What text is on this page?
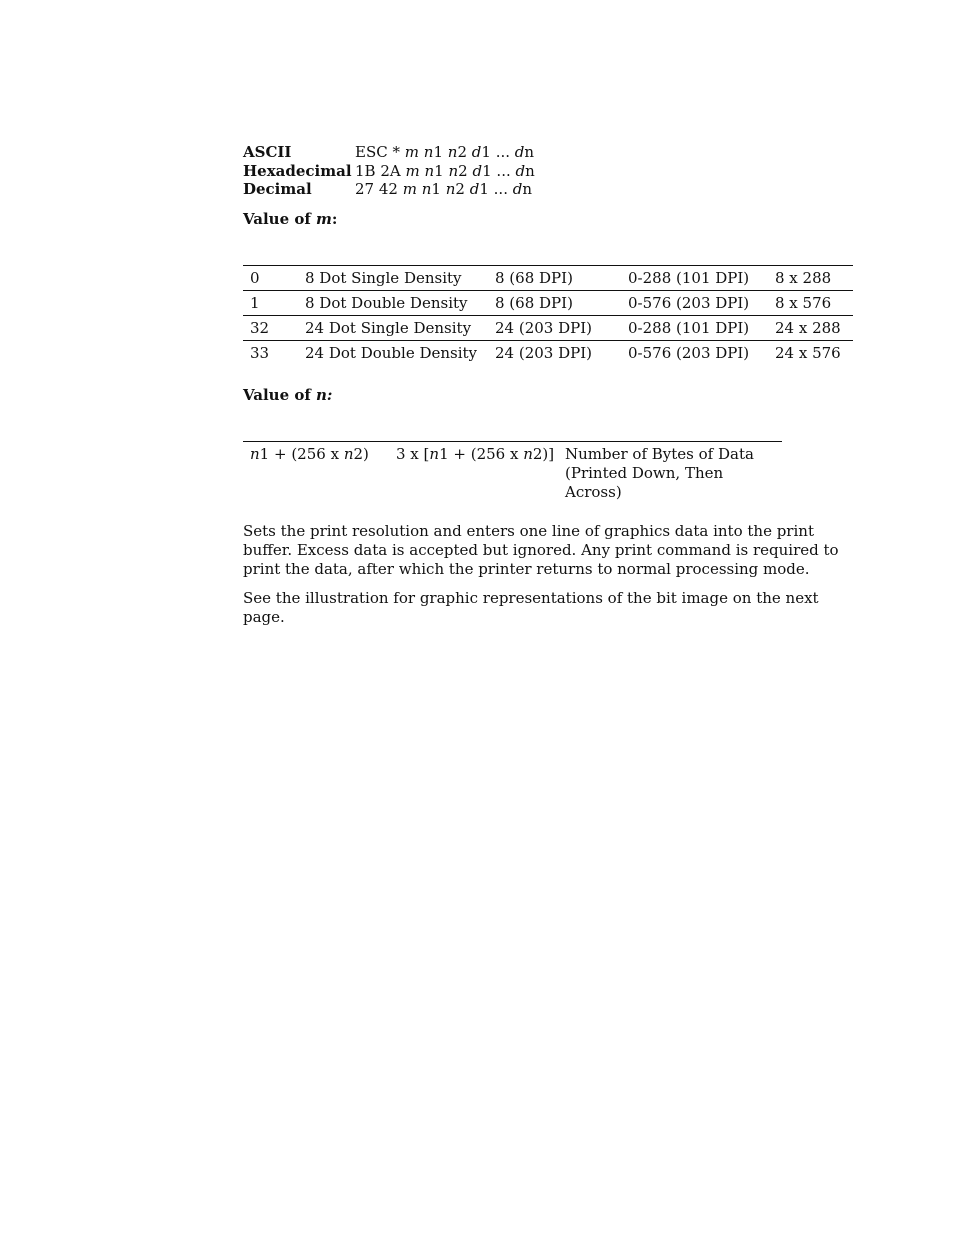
ASCII	ESC * m n1 n2 d1 ... dn
Hexadecimal	1B 2A m n1 n2 d1 ... dn
Decimal	27 42 m n1 n2 d1 ... dn

Value of m:

0	8 Dot Single Density	8 (68 DPI)	0-288 (101 DPI)	8 x 288
1	8 Dot Double Density	8 (68 DPI)	0-576 (203 DPI)	8 x 576
32	24 Dot Single Density	24 (203 DPI)	0-288 (101 DPI)	24 x 288
33	24 Dot Double Density	24 (203 DPI)	0-576 (203 DPI)	24 x 576

Value of n:

n1 + (256 x n2)	3 x [n1 + (256 x n2)]	Number of Bytes of Data
(Printed Down, Then Across)

Sets the print resolution and enters one line of graphics data into the print buffer. Excess data is accepted but ignored. Any print command is required to print the data, after which the printer returns to normal processing mode.

See the illustration for graphic representations of the bit image on the next page.
